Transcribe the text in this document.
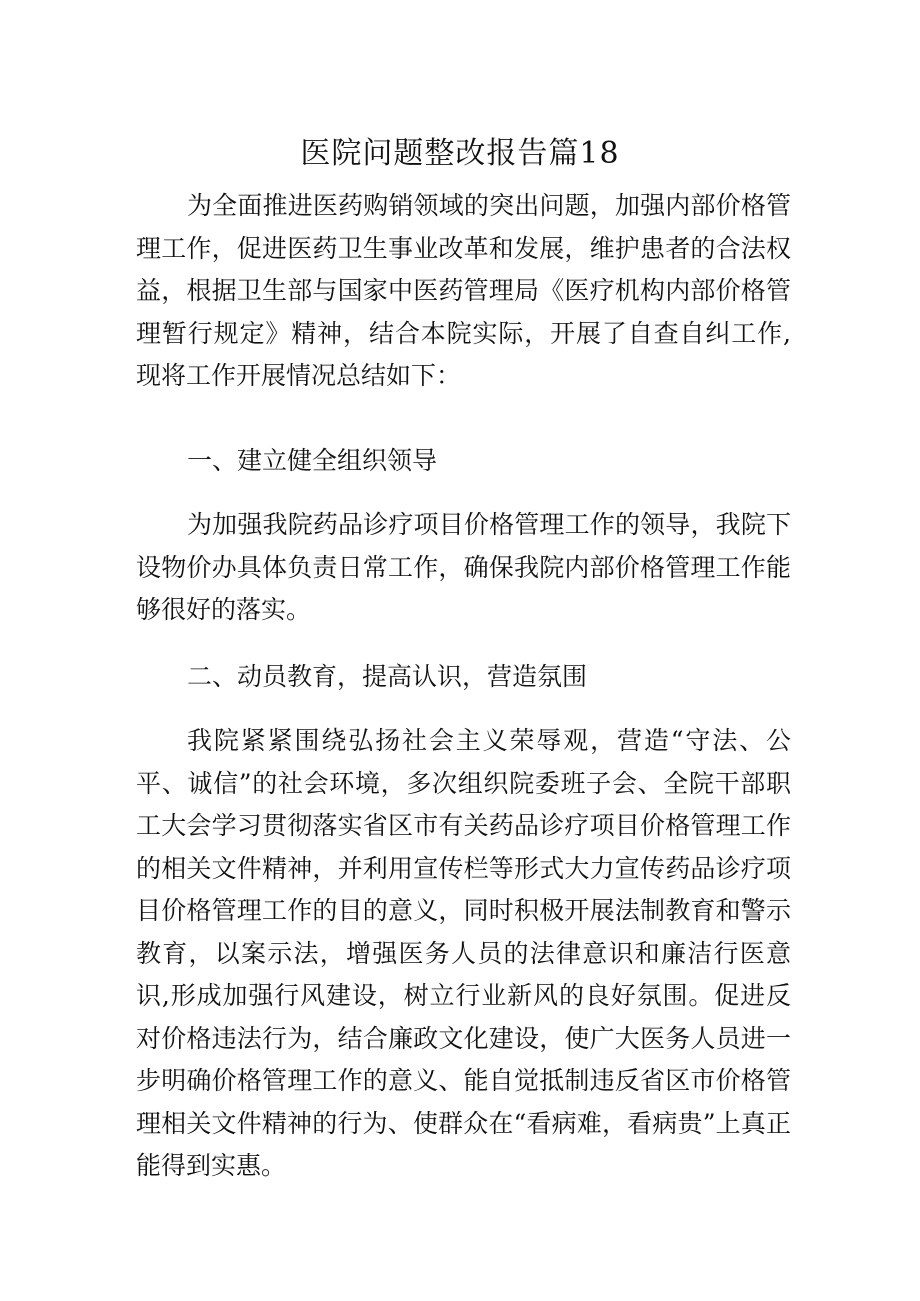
医院问题整改报告篇18

为全面推进医药购销领域的突出问题，加强内部价格管理工作，促进医药卫生事业改革和发展，维护患者的合法权益，根据卫生部与国家中医药管理局《医疗机构内部价格管理暂行规定》精神，结合本院实际，开展了自查自纠工作,现将工作开展情况总结如下：

一、建立健全组织领导

为加强我院药品诊疗项目价格管理工作的领导，我院下设物价办具体负责日常工作，确保我院内部价格管理工作能够很好的落实。

二、动员教育，提高认识，营造氛围

我院紧紧围绕弘扬社会主义荣辱观，营造“守法、公平、诚信”的社会环境，多次组织院委班子会、全院干部职工大会学习贯彻落实省区市有关药品诊疗项目价格管理工作的相关文件精神，并利用宣传栏等形式大力宣传药品诊疗项目价格管理工作的目的意义，同时积极开展法制教育和警示教育，以案示法，增强医务人员的法律意识和廉洁行医意识,形成加强行风建设，树立行业新风的良好氛围。促进反对价格违法行为，结合廉政文化建设，使广大医务人员进一步明确价格管理工作的意义、能自觉抵制违反省区市价格管理相关文件精神的行为、使群众在“看病难，看病贵”上真正能得到实惠。
